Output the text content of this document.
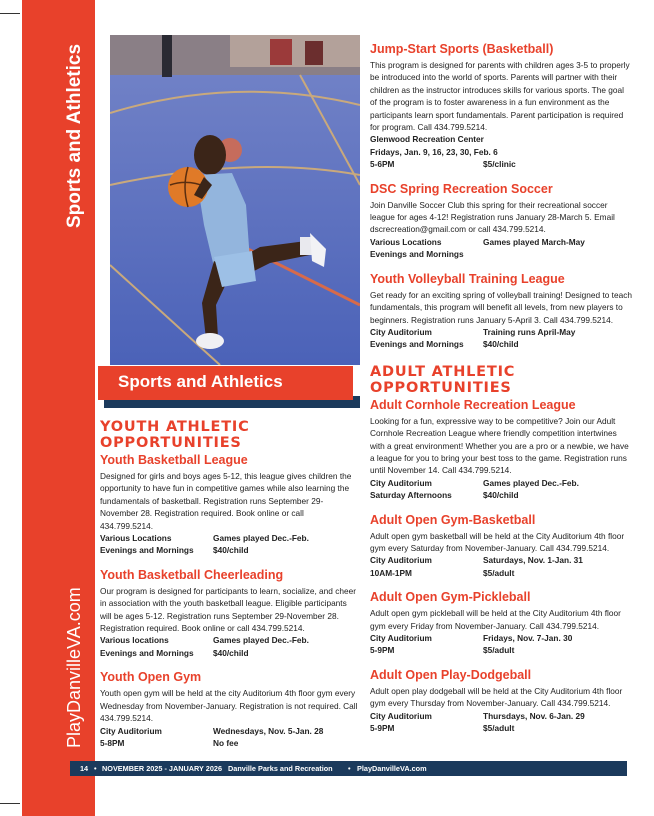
Sports and Athletics
PlayDanvilleVA.com
Sports and Athletics
YOUTH ATHLETIC OPPORTUNITIES
Youth Basketball League
Designed for girls and boys ages 5-12, this league gives children the opportunity to have fun in competitive games while also learning the fundamentals of basketball. Registration runs September 29-November 28. Registration required. Book online or call 434.799.5214.
Various Locations	Games played Dec.-Feb.
Evenings and Mornings	$40/child
Youth Basketball Cheerleading
Our program is designed for participants to learn, socialize, and cheer in association with the youth basketball league. Eligible participants will be ages 5-12. Registration runs September 29-November 28. Registration required. Book online or call 434.799.5214.
Various locations	Games played Dec.-Feb.
Evenings and Mornings	$40/child
Youth Open Gym
Youth open gym will be held at the city Auditorium 4th floor gym every Wednesday from November-January. Registration is not required. Call 434.799.5214.
City Auditorium	Wednesdays, Nov. 5-Jan. 28
5-8PM	No fee
Jump-Start Sports (Basketball)
This program is designed for parents with children ages 3-5 to properly be introduced into the world of sports. Parents will partner with their children as the instructor introduces skills for various sports. The goal of the program is to foster awareness in a fun environment as the participants learn sport fundamentals. Parent participation is required for program. Call 434.799.5214.
Glenwood Recreation Center
Fridays, Jan. 9, 16, 23, 30, Feb. 6
5-6PM	$5/clinic
DSC Spring Recreation Soccer
Join Danville Soccer Club this spring for their recreational soccer league for ages 4-12! Registration runs January 28-March 5. Email dscrecreation@gmail.com or call 434.799.5214.
Various Locations	Games played March-May
Evenings and Mornings
Youth Volleyball Training League
Get ready for an exciting spring of volleyball training! Designed to teach fundamentals, this program will benefit all levels, from new players to beginners. Registration runs January 5-April 3. Call 434.799.5214.
City Auditorium	Training runs April-May
Evenings and Mornings	$40/child
ADULT ATHLETIC OPPORTUNITIES
Adult Cornhole Recreation League
Looking for a fun, expressive way to be competitive? Join our Adult Cornhole Recreation League where friendly competition intertwines with a great environment! Whether you are a pro or a newbie, we have a league for you to bring your best toss to the game. Registration runs until November 14. Call 434.799.5214.
City Auditorium	Games played Dec.-Feb.
Saturday Afternoons	$40/child
Adult Open Gym-Basketball
Adult open gym basketball will be held at the City Auditorium 4th floor gym every Saturday from November-January. Call 434.799.5214.
City Auditorium	Saturdays, Nov. 1-Jan. 31
10AM-1PM	$5/adult
Adult Open Gym-Pickleball
Adult open gym pickleball will be held at the City Auditorium 4th floor gym every Friday from November-January. Call 434.799.5214.
City Auditorium	Fridays, Nov. 7-Jan. 30
5-9PM	$5/adult
Adult Open Play-Dodgeball
Adult open play dodgeball will be held at the City Auditorium 4th floor gym every Thursday from November-January. Call 434.799.5214.
City Auditorium	Thursdays, Nov. 6-Jan. 29
5-9PM	$5/adult
14 • NOVEMBER 2025 - JANUARY 2026 Danville Parks and Recreation • PlayDanvilleVA.com
